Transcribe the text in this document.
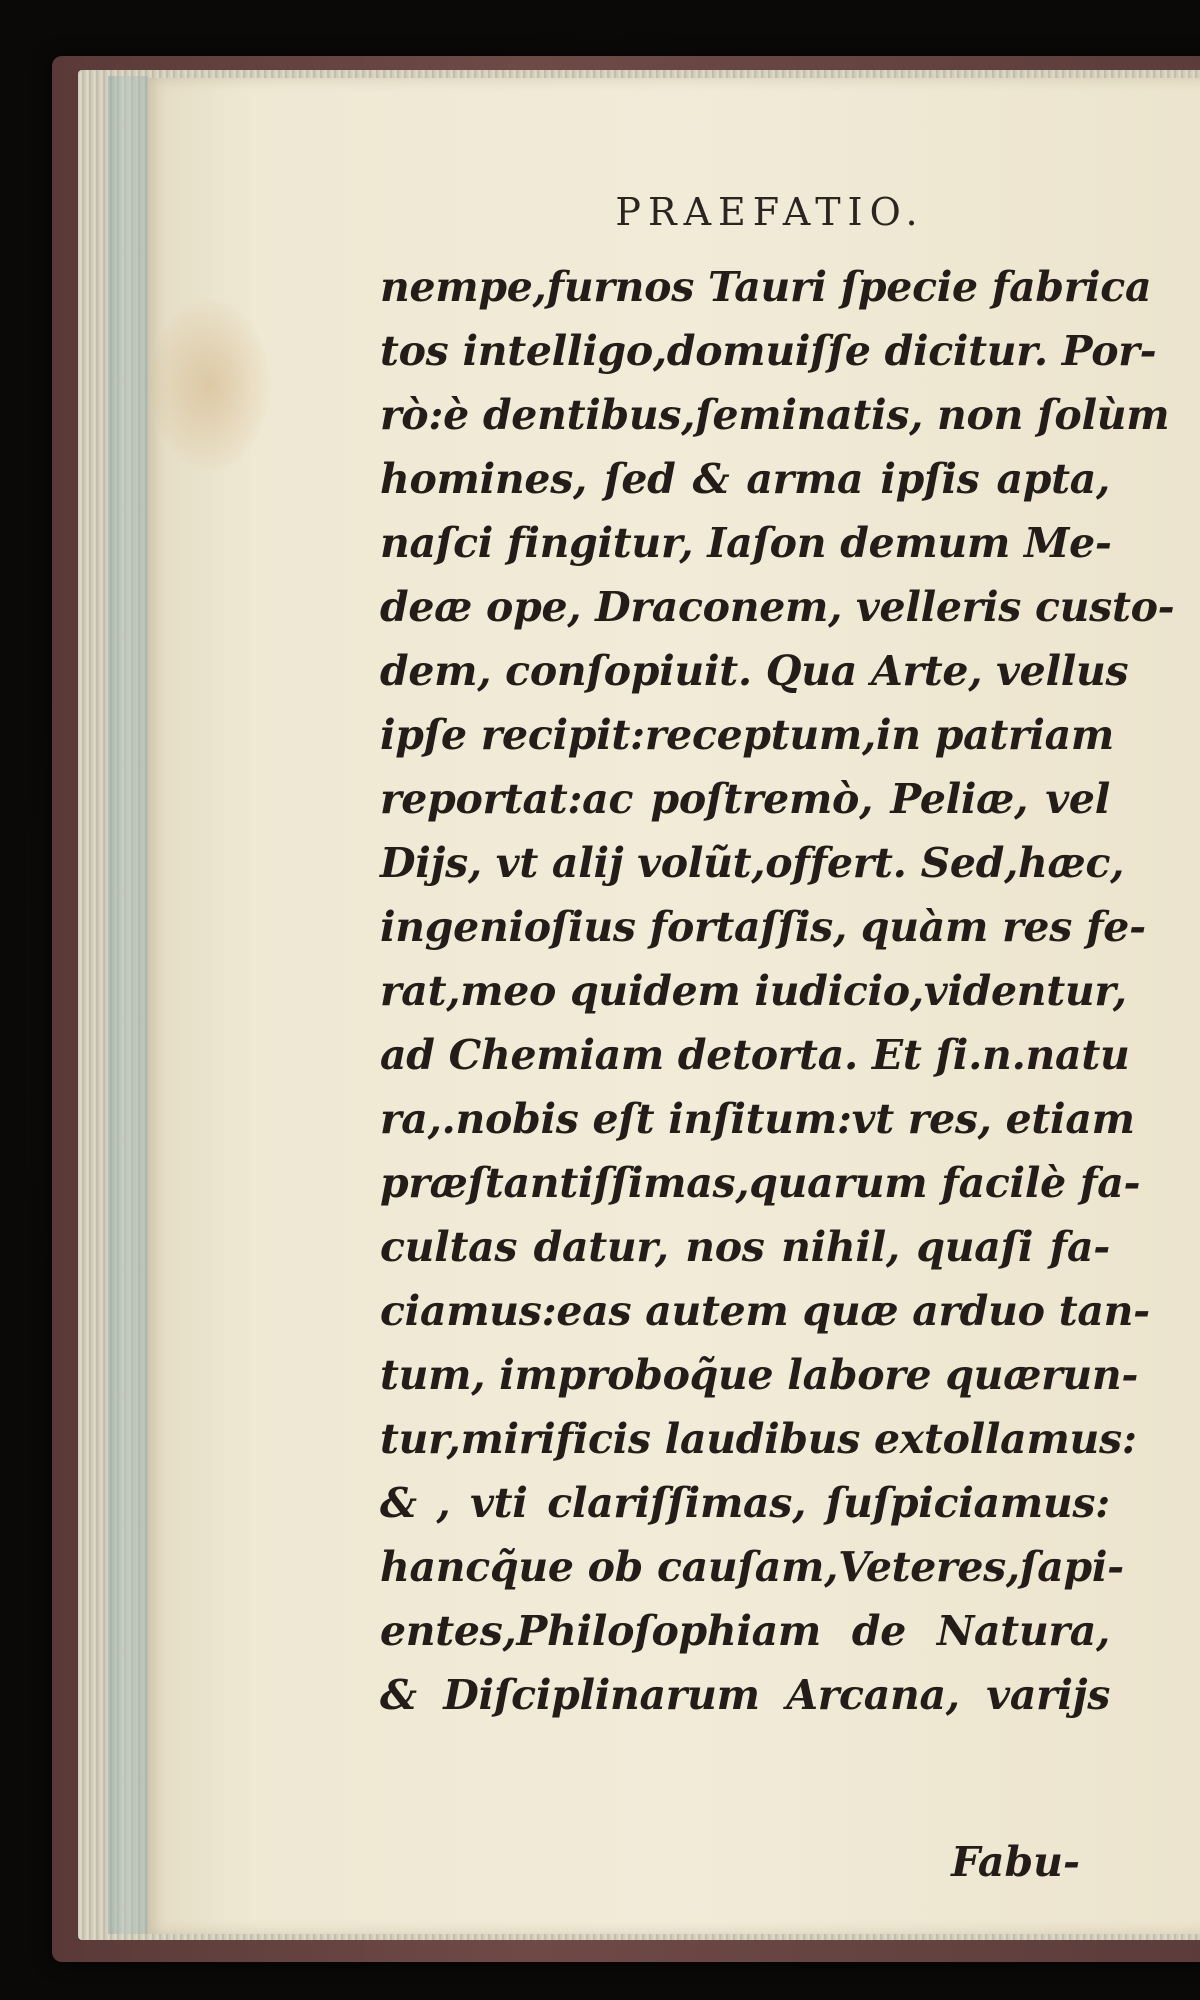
PRAEFATIO.
nempe,furnos Tauri ſpecie fabrica
tos intelligo,domuiſſe dicitur. Por-
rò:è dentibus,ſeminatis, non ſolùm
homines, ſed & arma ipſis apta,
naſci fingitur, Iaſon demum Me-
deæ ope, Draconem, velleris custo-
dem, conſopiuit. Qua Arte, vellus
ipſe recipit:receptum,in patriam
reportat:ac poſtremò, Peliæ, vel
Dijs, vt alij volũt,offert. Sed,hæc,
ingenioſius fortaſſis, quàm res fe-
rat,meo quidem iudicio,videntur,
ad Chemiam detorta. Et ſi.n.natu
ra,.nobis eſt inſitum:vt res, etiam
præſtantiſſimas,quarum facilè fa-
cultas datur, nos nihil, quaſi fa-
ciamus:eas autem quæ arduo tan-
tum, improboq̃ue labore quærun-
tur,mirificis laudibus extollamus:
& , vti clariſſimas, ſuſpiciamus:
hancq̃ue ob cauſam,Veteres,ſapi-
entes,Philoſophiam de Natura,
& Diſciplinarum Arcana, varijs

Fabu-
